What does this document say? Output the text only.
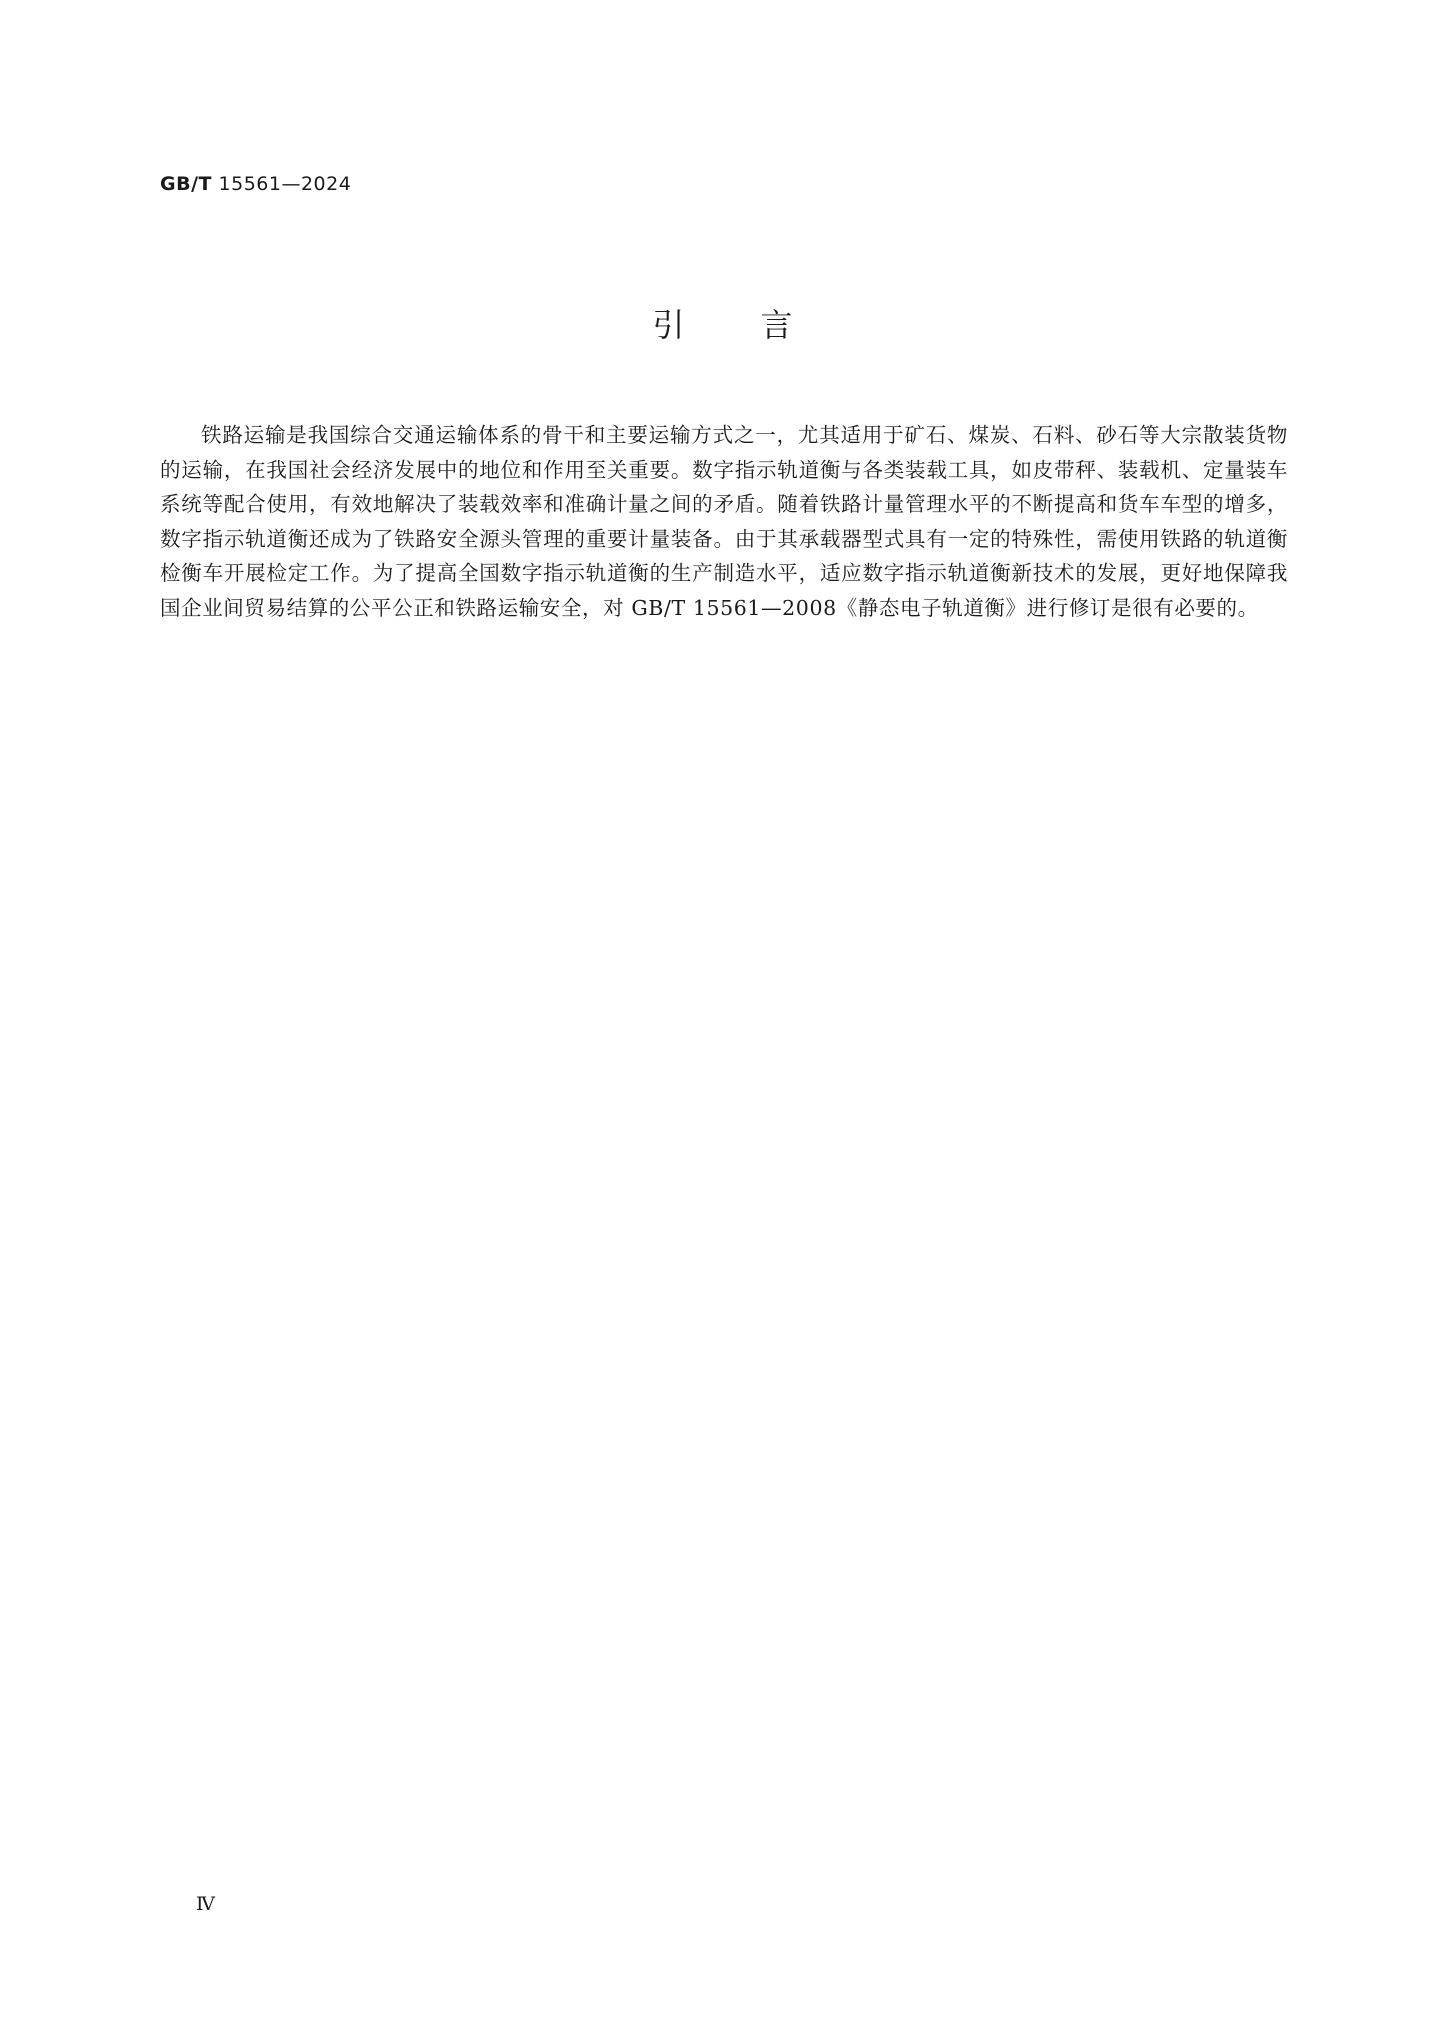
GB/T 15561—2024
引言

铁路运输是我国综合交通运输体系的骨干和主要运输方式之一，尤其适用于矿石、煤炭、石料、砂石等大宗散装货物的运输，在我国社会经济发展中的地位和作用至关重要。数字指示轨道衡与各类装载工具，如皮带秤、装载机、定量装车系统等配合使用，有效地解决了装载效率和准确计量之间的矛盾。随着铁路计量管理水平的不断提高和货车车型的增多，数字指示轨道衡还成为了铁路安全源头管理的重要计量装备。由于其承载器型式具有一定的特殊性，需使用铁路的轨道衡检衡车开展检定工作。为了提高全国数字指示轨道衡的生产制造水平，适应数字指示轨道衡新技术的发展，更好地保障我国企业间贸易结算的公平公正和铁路运输安全，对 GB/T 15561—2008《静态电子轨道衡》进行修订是很有必要的。

Ⅳ
